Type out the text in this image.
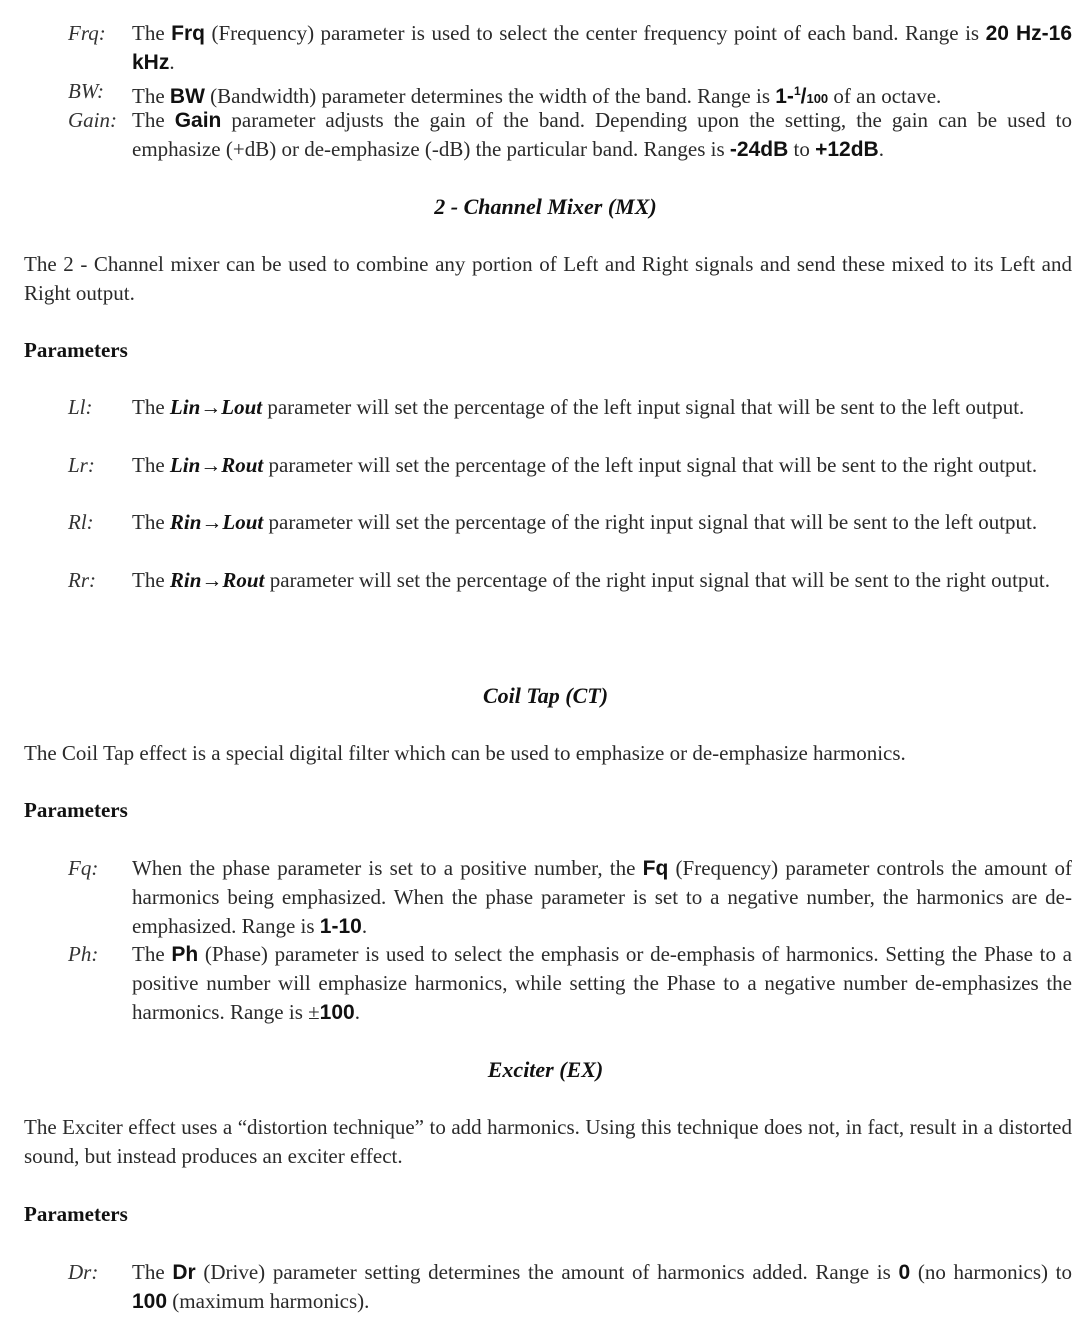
Frq: The Frq (Frequency) parameter is used to select the center frequency point of each band. Range is 20 Hz-16 kHz.
BW: The BW (Bandwidth) parameter determines the width of the band. Range is 1-$^1$/100 of an octave.
Gain: The Gain parameter adjusts the gain of the band. Depending upon the setting, the gain can be used to emphasize (+dB) or de-emphasize (-dB) the particular band. Ranges is -24dB to +12dB.
2 - Channel Mixer (MX)
The 2 - Channel mixer can be used to combine any portion of Left and Right signals and send these mixed to its Left and Right output.
Parameters
Ll: The Lin→Lout parameter will set the percentage of the left input signal that will be sent to the left output.
Lr: The Lin→Rout parameter will set the percentage of the left input signal that will be sent to the right output.
Rl: The Rin→Lout parameter will set the percentage of the right input signal that will be sent to the left output.
Rr: The Rin→Rout parameter will set the percentage of the right input signal that will be sent to the right output.
Coil Tap (CT)
The Coil Tap effect is a special digital filter which can be used to emphasize or de-emphasize harmonics.
Parameters
Fq: When the phase parameter is set to a positive number, the Fq (Frequency) parameter controls the amount of harmonics being emphasized. When the phase parameter is set to a negative number, the harmonics are de-emphasized. Range is 1-10.
Ph: The Ph (Phase) parameter is used to select the emphasis or de-emphasis of harmonics. Setting the Phase to a positive number will emphasize harmonics, while setting the Phase to a negative number de-emphasizes the harmonics. Range is ±100.
Exciter (EX)
The Exciter effect uses a “distortion technique” to add harmonics. Using this technique does not, in fact, result in a distorted sound, but instead produces an exciter effect.
Parameters
Dr: The Dr (Drive) parameter setting determines the amount of harmonics added. Range is 0 (no harmonics) to 100 (maximum harmonics).
